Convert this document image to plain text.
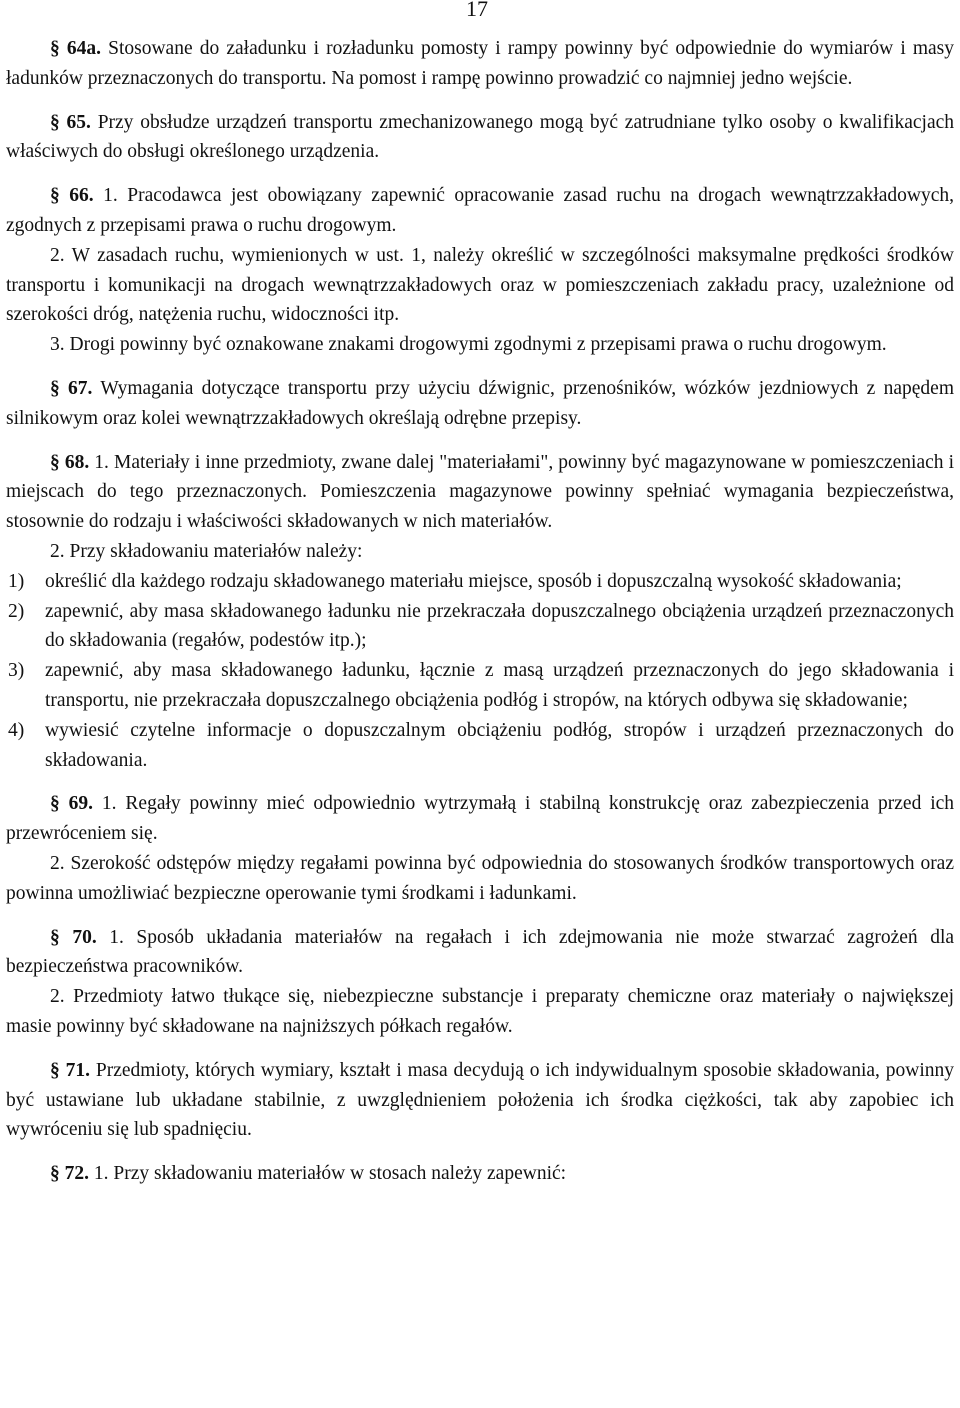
17

§ 64a. Stosowane do załadunku i rozładunku pomosty i rampy powinny być odpowiednie do wymiarów i masy ładunków przeznaczonych do transportu. Na pomost i rampę powinno prowadzić co najmniej jedno wejście.

§ 65. Przy obsłudze urządzeń transportu zmechanizowanego mogą być zatrudniane tylko osoby o kwalifikacjach właściwych do obsługi określonego urządzenia.

§ 66. 1. Pracodawca jest obowiązany zapewnić opracowanie zasad ruchu na drogach wewnątrzzakładowych, zgodnych z przepisami prawa o ruchu drogowym.

2. W zasadach ruchu, wymienionych w ust. 1, należy określić w szczególności maksymalne prędkości środków transportu i komunikacji na drogach wewnątrzzakładowych oraz w pomieszczeniach zakładu pracy, uzależnione od szerokości dróg, natężenia ruchu, widoczności itp.

3. Drogi powinny być oznakowane znakami drogowymi zgodnymi z przepisami prawa o ruchu drogowym.

§ 67. Wymagania dotyczące transportu przy użyciu dźwignic, przenośników, wózków jezdniowych z napędem silnikowym oraz kolei wewnątrzzakładowych określają odrębne przepisy.

§ 68. 1. Materiały i inne przedmioty, zwane dalej "materiałami", powinny być magazynowane w pomieszczeniach i miejscach do tego przeznaczonych. Pomieszczenia magazynowe powinny spełniać wymagania bezpieczeństwa, stosownie do rodzaju i właściwości składowanych w nich materiałów.

2. Przy składowaniu materiałów należy:

1)	określić dla każdego rodzaju składowanego materiału miejsce, sposób i dopuszczalną wysokość składowania;
2)	zapewnić, aby masa składowanego ładunku nie przekraczała dopuszczalnego obciążenia urządzeń przeznaczonych do składowania (regałów, podestów itp.);
3)	zapewnić, aby masa składowanego ładunku, łącznie z masą urządzeń przeznaczonych do jego składowania i transportu, nie przekraczała dopuszczalnego obciążenia podłóg i stropów, na których odbywa się składowanie;
4)	wywiesić czytelne informacje o dopuszczalnym obciążeniu podłóg, stropów i urządzeń przeznaczonych do składowania.

§ 69. 1. Regały powinny mieć odpowiednio wytrzymałą i stabilną konstrukcję oraz zabezpieczenia przed ich przewróceniem się.

2. Szerokość odstępów między regałami powinna być odpowiednia do stosowanych środków transportowych oraz powinna umożliwiać bezpieczne operowanie tymi środkami i ładunkami.

§ 70. 1. Sposób układania materiałów na regałach i ich zdejmowania nie może stwarzać zagrożeń dla bezpieczeństwa pracowników.

2. Przedmioty łatwo tłukące się, niebezpieczne substancje i preparaty chemiczne oraz materiały o największej masie powinny być składowane na najniższych półkach regałów.

§ 71. Przedmioty, których wymiary, kształt i masa decydują o ich indywidualnym sposobie składowania, powinny być ustawiane lub układane stabilnie, z uwzględnieniem położenia ich środka ciężkości, tak aby zapobiec ich wywróceniu się lub spadnięciu.

§ 72. 1. Przy składowaniu materiałów w stosach należy zapewnić:
